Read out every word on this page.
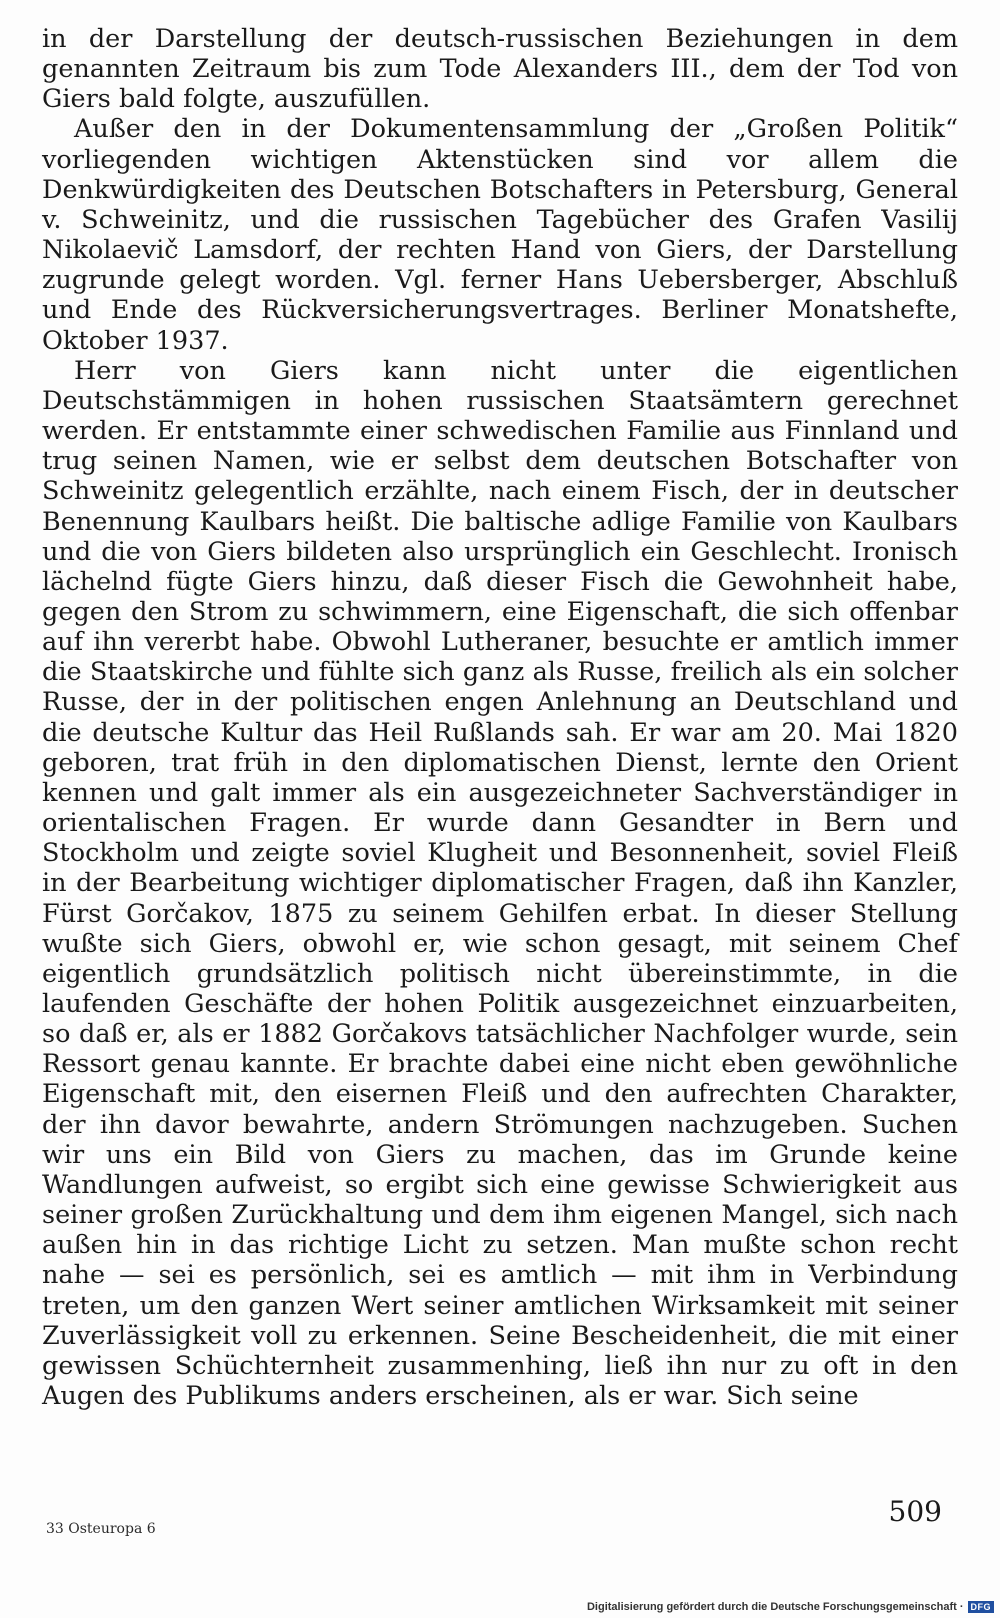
in der Darstellung der deutsch-russischen Beziehungen in dem genannten Zeitraum bis zum Tode Alexanders III., dem der Tod von Giers bald folgte, auszufüllen.

Außer den in der Dokumentensammlung der „Großen Politik“ vorliegenden wichtigen Aktenstücken sind vor allem die Denkwürdigkeiten des Deutschen Botschafters in Petersburg, General v. Schweinitz, und die russischen Tagebücher des Grafen Vasilij Nikolaevič Lamsdorf, der rechten Hand von Giers, der Darstellung zugrunde gelegt worden. Vgl. ferner Hans Uebersberger, Abschluß und Ende des Rückversicherungsvertrages. Berliner Monatshefte, Oktober 1937.

Herr von Giers kann nicht unter die eigentlichen Deutschstämmigen in hohen russischen Staatsämtern gerechnet werden. Er entstammte einer schwedischen Familie aus Finnland und trug seinen Namen, wie er selbst dem deutschen Botschafter von Schweinitz gelegentlich erzählte, nach einem Fisch, der in deutscher Benennung Kaulbars heißt. Die baltische adlige Familie von Kaulbars und die von Giers bildeten also ursprünglich ein Geschlecht. Ironisch lächelnd fügte Giers hinzu, daß dieser Fisch die Gewohnheit habe, gegen den Strom zu schwimmern, eine Eigenschaft, die sich offenbar auf ihn vererbt habe. Obwohl Lutheraner, besuchte er amtlich immer die Staatskirche und fühlte sich ganz als Russe, freilich als ein solcher Russe, der in der politischen engen Anlehnung an Deutschland und die deutsche Kultur das Heil Rußlands sah. Er war am 20. Mai 1820 geboren, trat früh in den diplomatischen Dienst, lernte den Orient kennen und galt immer als ein ausgezeichneter Sachverständiger in orientalischen Fragen. Er wurde dann Gesandter in Bern und Stockholm und zeigte soviel Klugheit und Besonnenheit, soviel Fleiß in der Bearbeitung wichtiger diplomatischer Fragen, daß ihn Kanzler, Fürst Gorčakov, 1875 zu seinem Gehilfen erbat. In dieser Stellung wußte sich Giers, obwohl er, wie schon gesagt, mit seinem Chef eigentlich grundsätzlich politisch nicht übereinstimmte, in die laufenden Geschäfte der hohen Politik ausgezeichnet einzuarbeiten, so daß er, als er 1882 Gorčakovs tatsächlicher Nachfolger wurde, sein Ressort genau kannte. Er brachte dabei eine nicht eben gewöhnliche Eigenschaft mit, den eisernen Fleiß und den aufrechten Charakter, der ihn davor bewahrte, andern Strömungen nachzugeben. Suchen wir uns ein Bild von Giers zu machen, das im Grunde keine Wandlungen aufweist, so ergibt sich eine gewisse Schwierigkeit aus seiner großen Zurückhaltung und dem ihm eigenen Mangel, sich nach außen hin in das richtige Licht zu setzen. Man mußte schon recht nahe — sei es persönlich, sei es amtlich — mit ihm in Verbindung treten, um den ganzen Wert seiner amtlichen Wirksamkeit mit seiner Zuverlässigkeit voll zu erkennen. Seine Bescheidenheit, die mit einer gewissen Schüchternheit zusammenhing, ließ ihn nur zu oft in den Augen des Publikums anders erscheinen, als er war. Sich seine

33 Osteuropa 6
509
Digitalisierung gefördert durch die Deutsche Forschungsgemeinschaft · DFG
